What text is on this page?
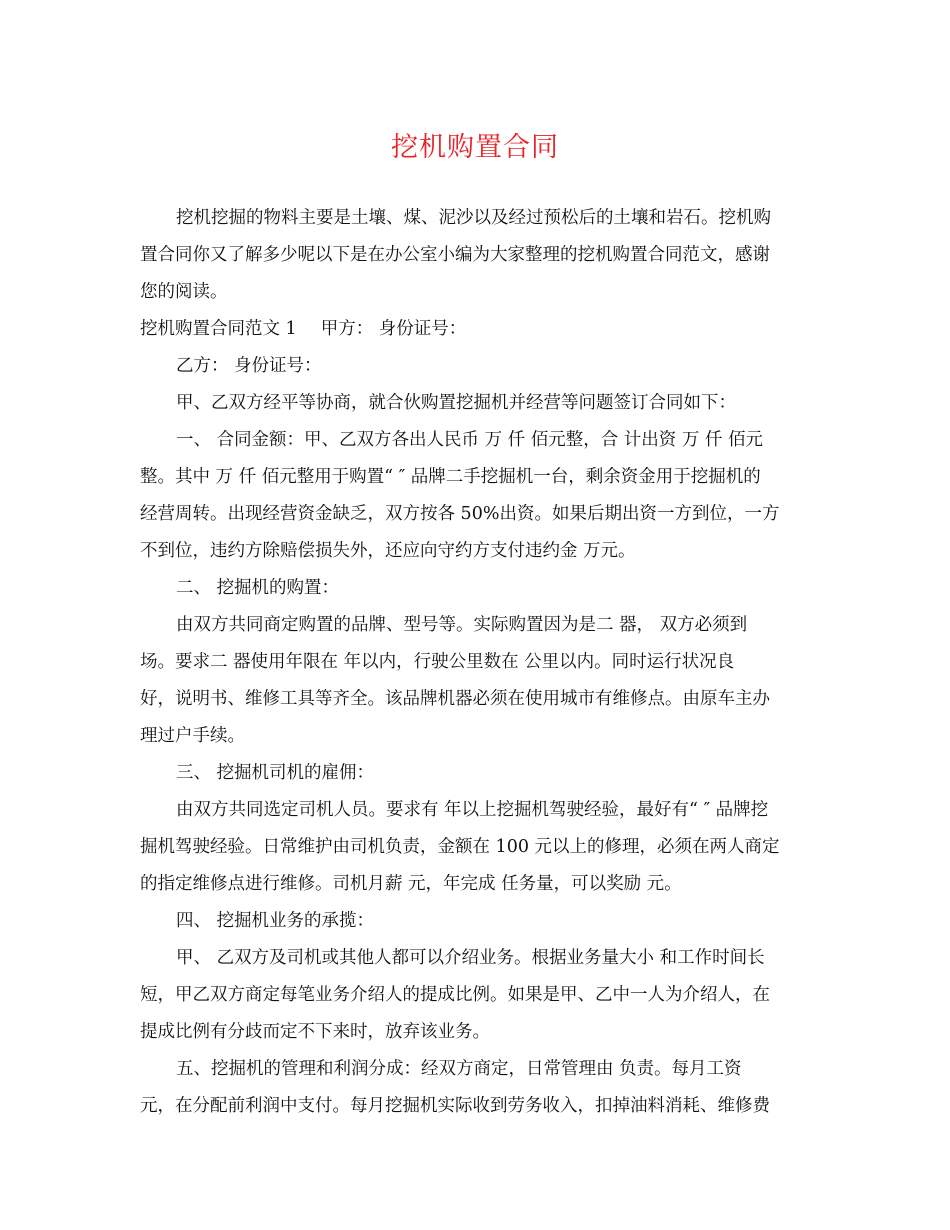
挖机购置合同

挖机挖掘的物料主要是土壤、煤、泥沙以及经过预松后的土壤和岩石。挖机购
置合同你又了解多少呢以下是在办公室小编为大家整理的挖机购置合同范文，感谢
您的阅读。

挖机购置合同范文 1 甲方： 身份证号：

乙方： 身份证号：

甲、乙双方经平等协商，就合伙购置挖掘机并经营等问题签订合同如下：

一、 合同金额：甲、乙双方各出人民币 万 仟 佰元整，合 计出资 万 仟 佰元
整。其中 万 仟 佰元整用于购置“ ″ 品牌二手挖掘机一台，剩余资金用于挖掘机的
经营周转。出现经营资金缺乏，双方按各 50%出资。如果后期出资一方到位，一方
不到位，违约方除赔偿损失外，还应向守约方支付违约金 万元。

二、 挖掘机的购置：

由双方共同商定购置的品牌、型号等。实际购置因为是二 器， 双方必须到
场。要求二 器使用年限在 年以内，行驶公里数在 公里以内。同时运行状况良
好，说明书、维修工具等齐全。该品牌机器必须在使用城市有维修点。由原车主办
理过户手续。

三、 挖掘机司机的雇佣：

由双方共同选定司机人员。要求有 年以上挖掘机驾驶经验，最好有“ ″ 品牌挖
掘机驾驶经验。日常维护由司机负责，金额在 100 元以上的修理，必须在两人商定
的指定维修点进行维修。司机月薪 元，年完成 任务量，可以奖励 元。

四、 挖掘机业务的承揽：

甲、 乙双方及司机或其他人都可以介绍业务。根据业务量大小 和工作时间长
短，甲乙双方商定每笔业务介绍人的提成比例。如果是甲、乙中一人为介绍人，在
提成比例有分歧而定不下来时，放弃该业务。

五、挖掘机的管理和利润分成：经双方商定，日常管理由 负责。每月工资
元，在分配前利润中支付。每月挖掘机实际收到劳务收入，扣掉油料消耗、维修费
